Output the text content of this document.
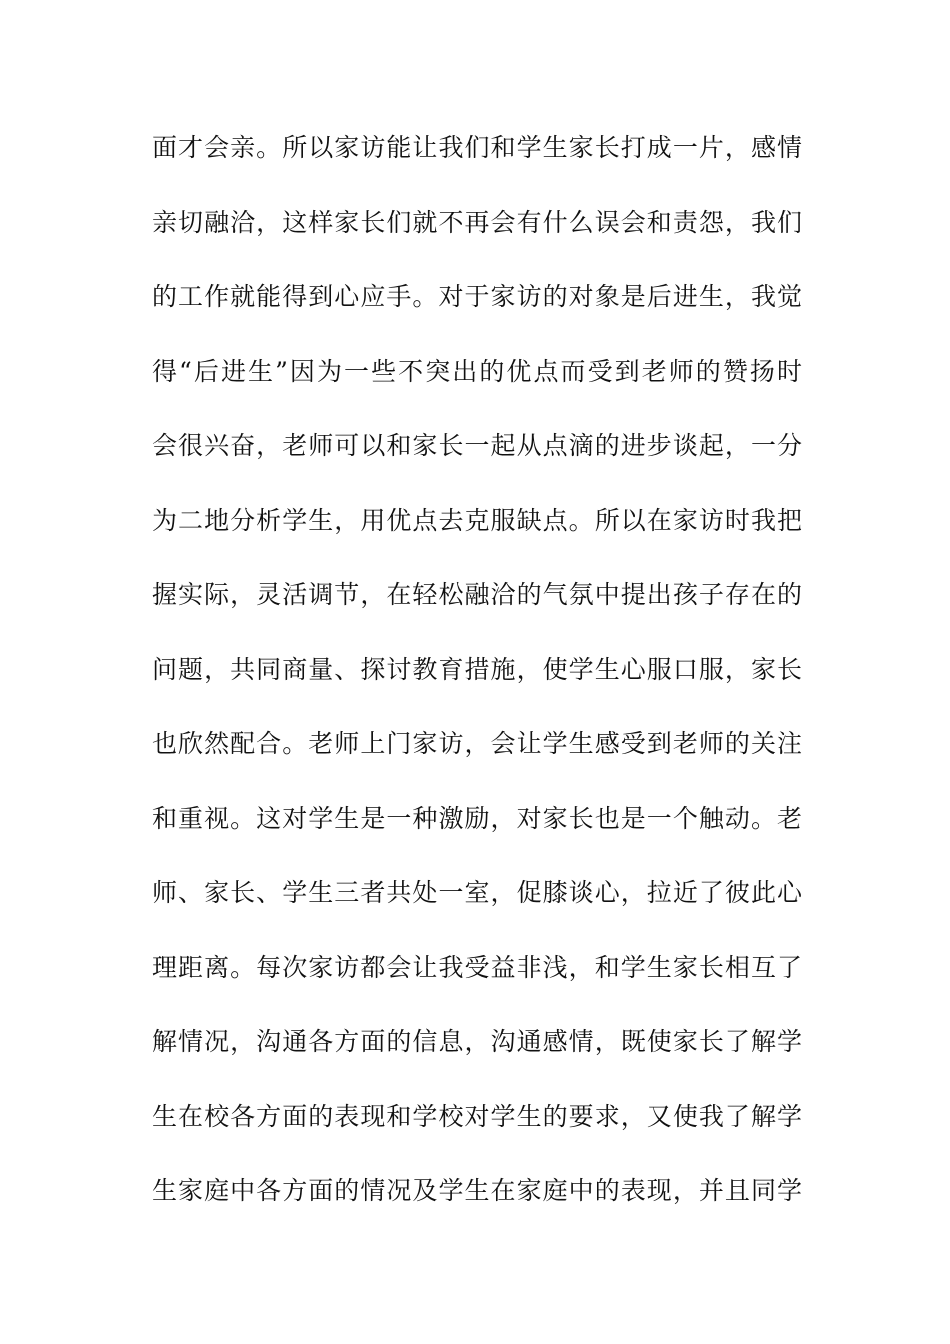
面才会亲。所以家访能让我们和学生家长打成一片，感情
亲切融洽，这样家长们就不再会有什么误会和责怨，我们
的工作就能得到心应手。对于家访的对象是后进生，我觉
得“后进生”因为一些不突出的优点而受到老师的赞扬时
会很兴奋，老师可以和家长一起从点滴的进步谈起，一分
为二地分析学生，用优点去克服缺点。所以在家访时我把
握实际，灵活调节，在轻松融洽的气氛中提出孩子存在的
问题，共同商量、探讨教育措施，使学生心服口服，家长
也欣然配合。老师上门家访，会让学生感受到老师的关注
和重视。这对学生是一种激励，对家长也是一个触动。老
师、家长、学生三者共处一室，促膝谈心，拉近了彼此心
理距离。每次家访都会让我受益非浅，和学生家长相互了
解情况，沟通各方面的信息，沟通感情，既使家长了解学
生在校各方面的表现和学校对学生的要求，又使我了解学
生家庭中各方面的情况及学生在家庭中的表现，并且同学
